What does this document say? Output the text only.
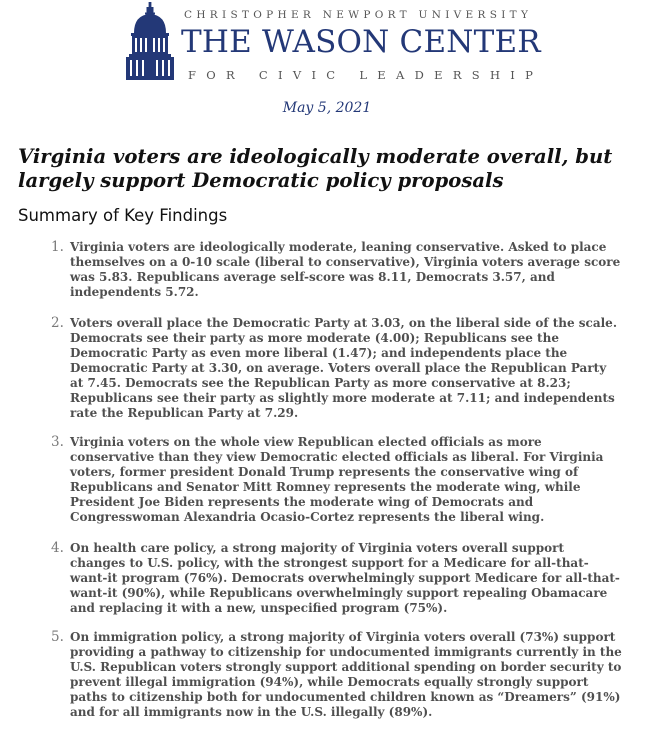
CHRISTOPHER NEWPORT UNIVERSITY
THE WASON CENTER
FOR CIVIC LEADERSHIP
May 5, 2021
Virginia voters are ideologically moderate overall, but largely support Democratic policy proposals
Summary of Key Findings
1. Virginia voters are ideologically moderate, leaning conservative. Asked to place themselves on a 0-10 scale (liberal to conservative), Virginia voters average score was 5.83. Republicans average self-score was 8.11, Democrats 3.57, and independents 5.72.
2. Voters overall place the Democratic Party at 3.03, on the liberal side of the scale. Democrats see their party as more moderate (4.00); Republicans see the Democratic Party as even more liberal (1.47); and independents place the Democratic Party at 3.30, on average. Voters overall place the Republican Party at 7.45. Democrats see the Republican Party as more conservative at 8.23; Republicans see their party as slightly more moderate at 7.11; and independents rate the Republican Party at 7.29.
3. Virginia voters on the whole view Republican elected officials as more conservative than they view Democratic elected officials as liberal. For Virginia voters, former president Donald Trump represents the conservative wing of Republicans and Senator Mitt Romney represents the moderate wing, while President Joe Biden represents the moderate wing of Democrats and Congresswoman Alexandria Ocasio-Cortez represents the liberal wing.
4. On health care policy, a strong majority of Virginia voters overall support changes to U.S. policy, with the strongest support for a Medicare for all-that-want-it program (76%). Democrats overwhelmingly support Medicare for all-that-want-it (90%), while Republicans overwhelmingly support repealing Obamacare and replacing it with a new, unspecified program (75%).
5. On immigration policy, a strong majority of Virginia voters overall (73%) support providing a pathway to citizenship for undocumented immigrants currently in the U.S. Republican voters strongly support additional spending on border security to prevent illegal immigration (94%), while Democrats equally strongly support paths to citizenship both for undocumented children known as “Dreamers” (91%) and for all immigrants now in the U.S. illegally (89%).
